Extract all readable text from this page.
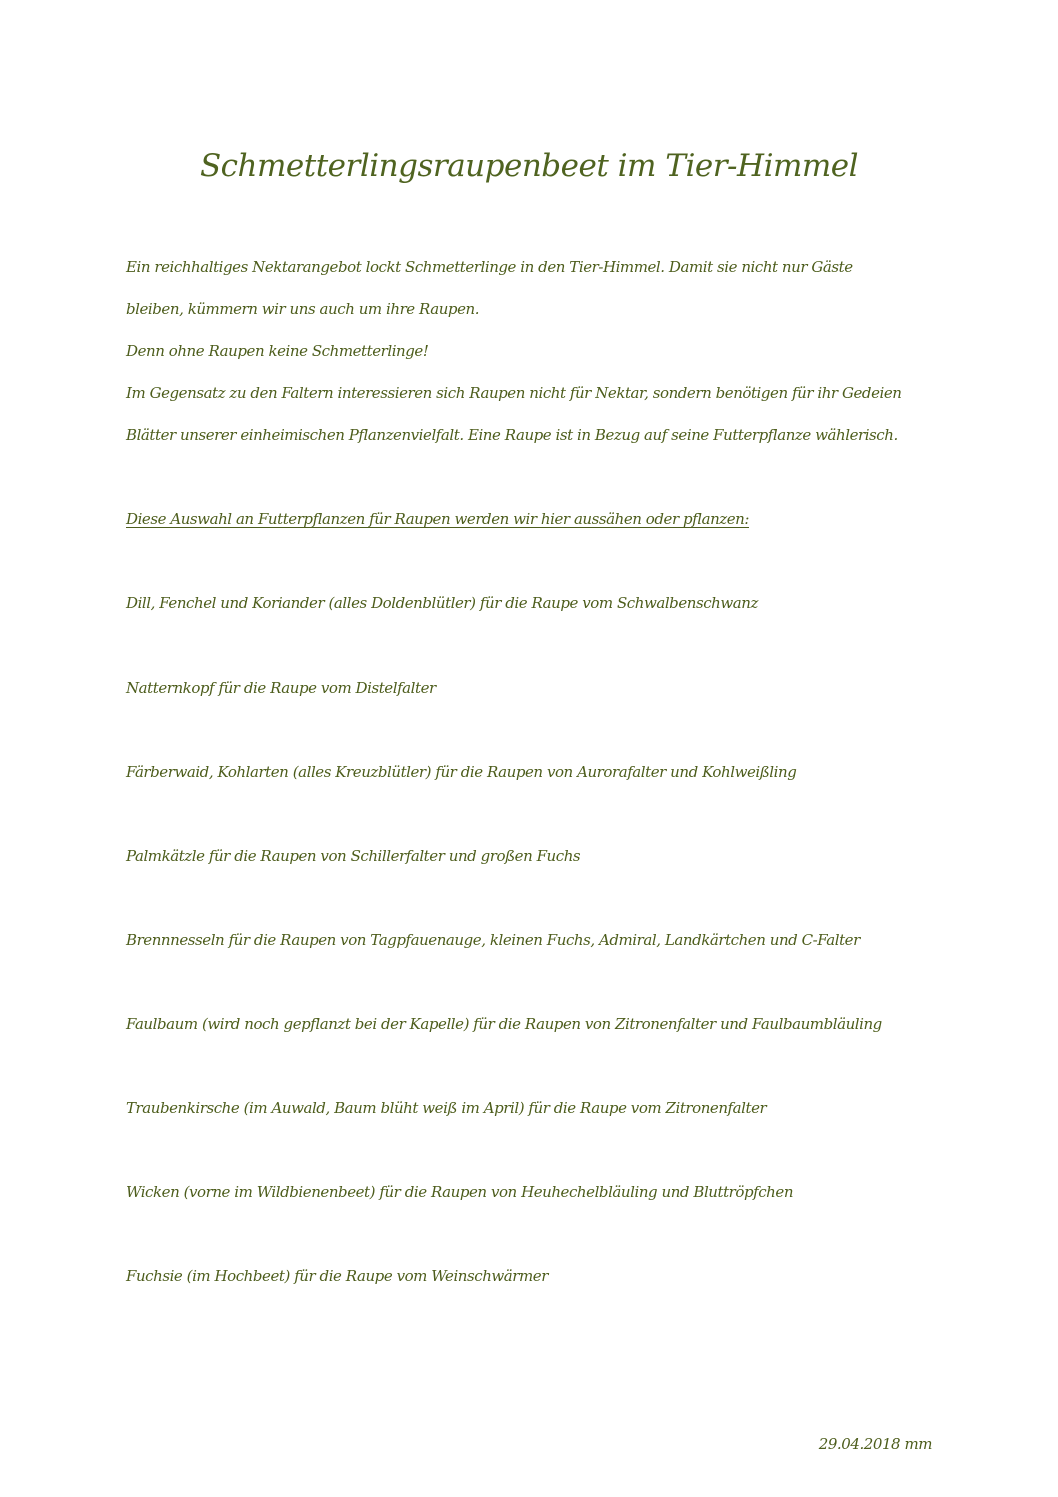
Schmetterlingsraupenbeet im Tier-Himmel

Ein reichhaltiges Nektarangebot lockt Schmetterlinge in den Tier-Himmel. Damit sie nicht nur Gäste

bleiben, kümmern wir uns auch um ihre Raupen.

Denn ohne Raupen keine Schmetterlinge!

Im Gegensatz zu den Faltern interessieren sich Raupen nicht für Nektar, sondern benötigen für ihr Gedeien

Blätter unserer einheimischen Pflanzenvielfalt. Eine Raupe ist in Bezug auf seine Futterpflanze wählerisch.

Diese Auswahl an Futterpflanzen für Raupen werden wir hier aussähen oder pflanzen:

Dill, Fenchel und Koriander (alles Doldenblütler) für die Raupe vom Schwalbenschwanz

Natternkopf für die Raupe vom Distelfalter

Färberwaid, Kohlarten (alles Kreuzblütler) für die Raupen von Aurorafalter und Kohlweißling

Palmkätzle für die Raupen von Schillerfalter und großen Fuchs

Brennnesseln für die Raupen von Tagpfauenauge, kleinen Fuchs, Admiral, Landkärtchen und C-Falter

Faulbaum (wird noch gepflanzt bei der Kapelle) für die Raupen von Zitronenfalter und Faulbaumbläuling

Traubenkirsche (im Auwald, Baum blüht weiß im April) für die Raupe vom Zitronenfalter

Wicken (vorne im Wildbienenbeet) für die Raupen von Heuhechelbläuling und Bluttröpfchen

Fuchsie (im Hochbeet) für die Raupe vom Weinschwärmer

29.04.2018 mm
